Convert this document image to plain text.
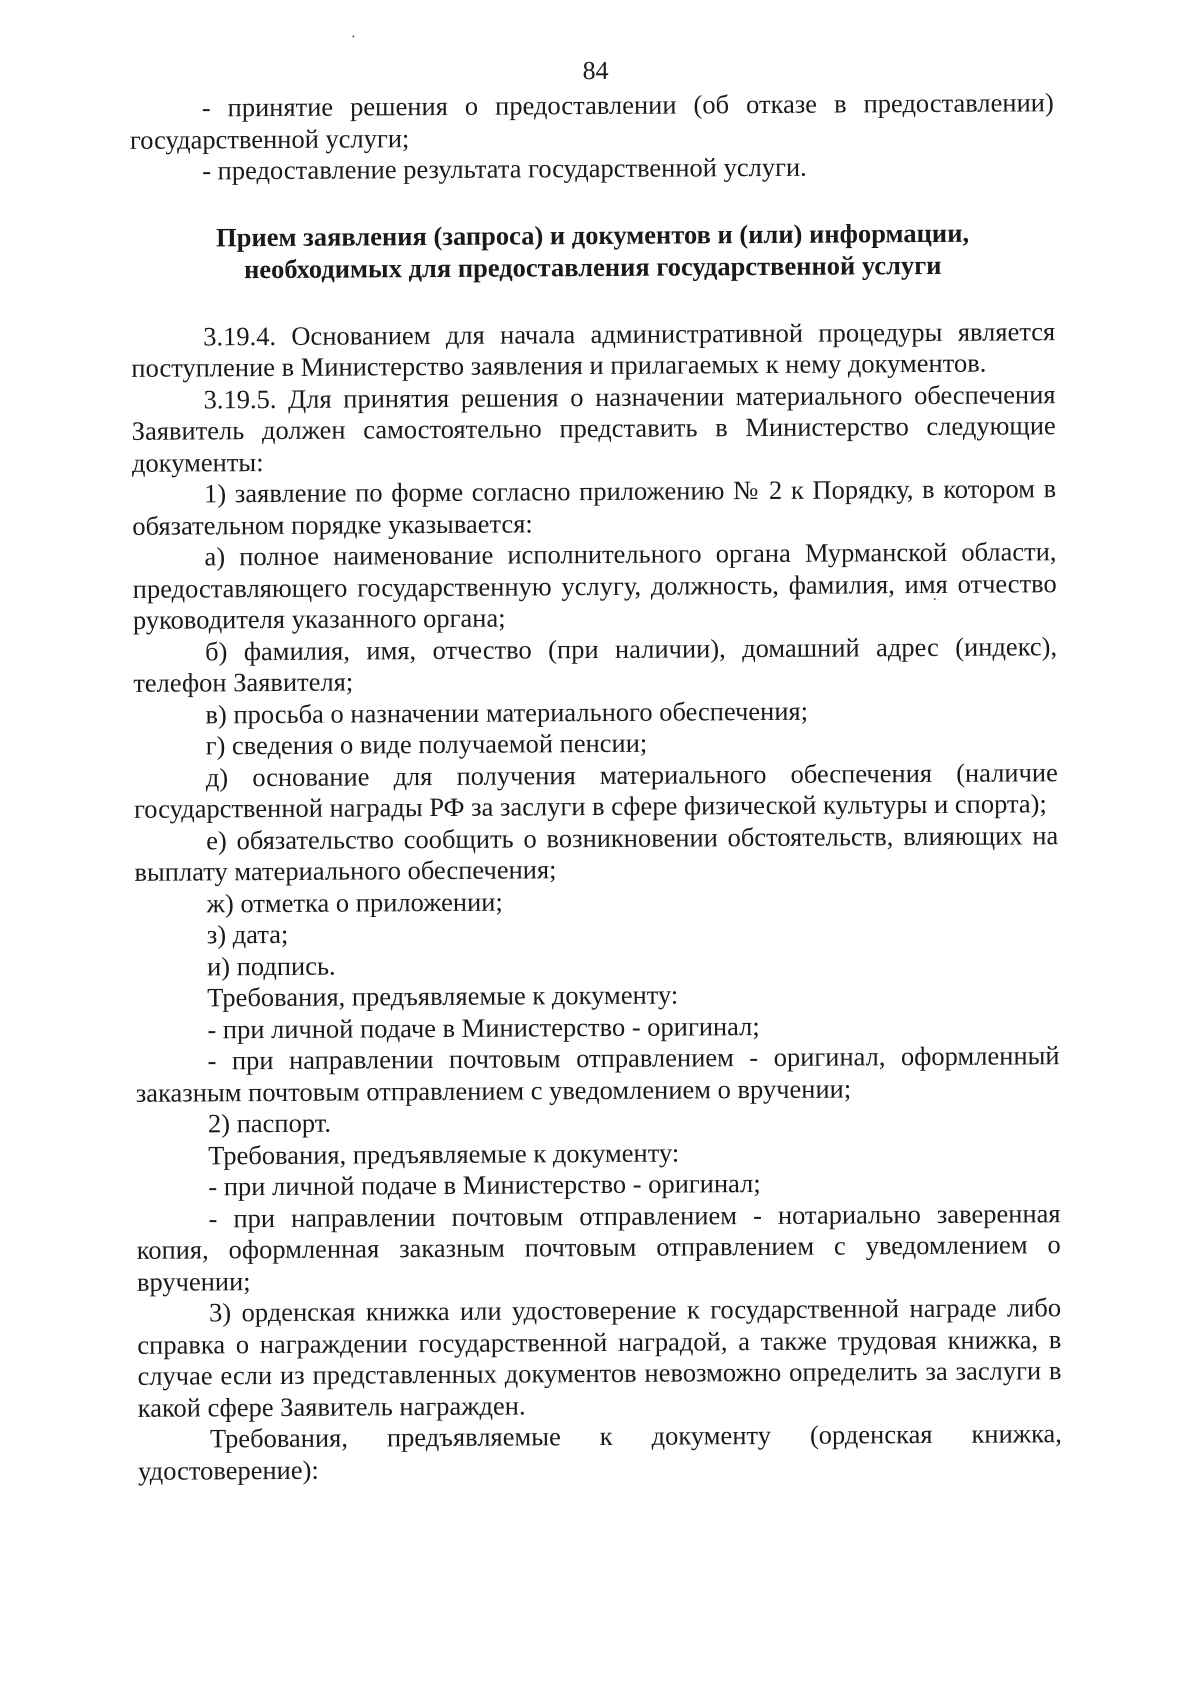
84

- принятие решения о предоставлении (об отказе в предоставлении) государственной услуги;

- предоставление результата государственной услуги.

Прием заявления (запроса) и документов и (или) информации,
необходимых для предоставления государственной услуги

3.19.4. Основанием для начала административной процедуры является поступление в Министерство заявления и прилагаемых к нему документов.

3.19.5. Для принятия решения о назначении материального обеспечения Заявитель должен самостоятельно представить в Министерство следующие документы:

1) заявление по форме согласно приложению № 2 к Порядку, в котором в обязательном порядке указывается:

а) полное наименование исполнительного органа Мурманской области, предоставляющего государственную услугу, должность, фамилия, имя отчество руководителя указанного органа;

б) фамилия, имя, отчество (при наличии), домашний адрес (индекс), телефон Заявителя;

в) просьба о назначении материального обеспечения;

г) сведения о виде получаемой пенсии;

д) основание для получения материального обеспечения (наличие государственной награды РФ за заслуги в сфере физической культуры и спорта);

е) обязательство сообщить о возникновении обстоятельств, влияющих на выплату материального обеспечения;

ж) отметка о приложении;

з) дата;

и) подпись.

Требования, предъявляемые к документу:

- при личной подаче в Министерство - оригинал;

- при направлении почтовым отправлением - оригинал, оформленный заказным почтовым отправлением с уведомлением о вручении;

2) паспорт.

Требования, предъявляемые к документу:

- при личной подаче в Министерство - оригинал;

- при направлении почтовым отправлением - нотариально заверенная копия, оформленная заказным почтовым отправлением с уведомлением о вручении;

3) орденская книжка или удостоверение к государственной награде либо справка о награждении государственной наградой, а также трудовая книжка, в случае если из представленных документов невозможно определить за заслуги в какой сфере Заявитель награжден.

Требования, предъявляемые к документу (орденская книжка, удостоверение):
